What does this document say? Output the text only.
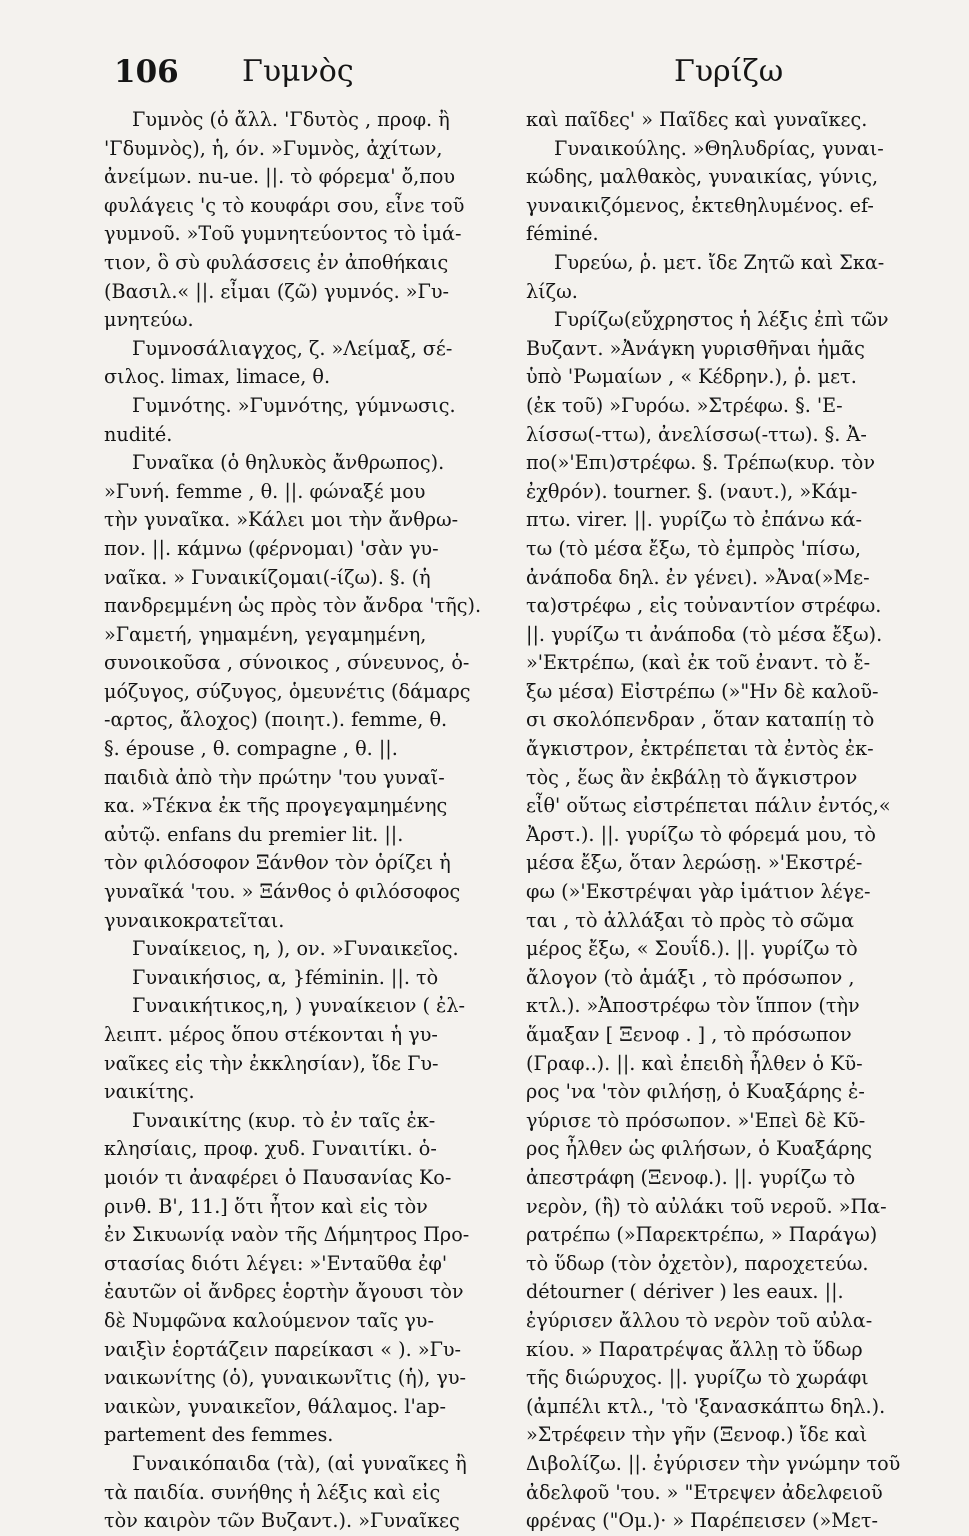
106 Γυμνὸς	Γυρίζω
Γυμνὸς (ὁ ἄλλ. 'Γδυτὸς , προφ. ἢ
'Γδυμνὸς), ἡ, όν. »Γυμνὸς, ἀχίτων,
ἀνείμων. nu-ue. ||. τὸ φόρεμα' ὄ,που
φυλάγεις 'ς τὸ κουφάρι σου, εἶνε τοῦ
γυμνοῦ. »Τοῦ γυμνητεύοντος τὸ ἱμά-
τιον, ὃ σὺ φυλάσσεις ἐν ἀποθήκαις
(Βασιλ.« ||. εἶμαι (ζῶ) γυμνός. »Γυ-
μνητεύω.
Γυμνοσάλιαγχος, ζ. »Λείμαξ, σέ-
σιλος. limax, limace, θ.
Γυμνότης. »Γυμνότης, γύμνωσις.
nudité.
Γυναῖκα (ὁ θηλυκὸς ἄνθρωπος).
»Γυνή. femme , θ. ||. φώναξέ μου
τὴν γυναῖκα. »Κάλει μοι τὴν ἄνθρω-
πον. ||. κάμνω (φέρνομαι) 'σὰν γυ-
ναῖκα. » Γυναικίζομαι(-ίζω). §. (ἡ
πανδρεμμένη ὡς πρὸς τὸν ἄνδρα 'τῆς).
»Γαμετή, γημαμένη, γεγαμημένη,
συνοικοῦσα , σύνοικος , σύνευνος, ὁ-
μόζυγος, σύζυγος, ὁμευνέτις (δάμαρς
-αρτος, ἄλοχος) (ποιητ.). femme, θ.
§. épouse , θ. compagne , θ. ||.
παιδιὰ ἀπὸ τὴν πρώτην 'του γυναῖ-
κα. »Τέκνα ἐκ τῆς προγεγαμημένης
αὐτῷ. enfans du premier lit. ||.
τὸν φιλόσοφον Ξάνθον τὸν ὁρίζει ἡ
γυναῖκά 'του. » Ξάνθος ὁ φιλόσοφος
γυναικοκρατεῖται.
Γυναίκειος, η, ), ον. »Γυναικεῖος.
Γυναικήσιος, α, }féminin. ||. τὸ
Γυναικήτικος,η, ) γυναίκειον ( ἐλ-
λειπτ. μέρος ὅπου στέκονται ἡ γυ-
ναῖκες εἰς τὴν ἐκκλησίαν), ἴδε Γυ-
ναικίτης.
Γυναικίτης (κυρ. τὸ ἐν ταῖς ἐκ-
κλησίαις, προφ. χυδ. Γυναιτίκι. ὁ-
μοιόν τι ἀναφέρει ὁ Παυσανίας Κο-
ρινθ. Β', 11.] ὅτι ἦτον καὶ εἰς τὸν
ἐν Σικυωνίᾳ ναὸν τῆς Δήμητρος Προ-
στασίας διότι λέγει: »'Ενταῦθα ἐφ'
ἑαυτῶν οἱ ἄνδρες ἑορτὴν ἄγουσι τὸν
δὲ Νυμφῶνα καλούμενον ταῖς γυ-
ναιξὶν ἑορτάζειν παρείκασι « ). »Γυ-
ναικωνίτης (ὁ), γυναικωνῖτις (ἡ), γυ-
ναικὼν, γυναικεῖον, θάλαμος. l'ap-
partement des femmes.
Γυναικόπαιδα (τὰ), (αἱ γυναῖκες ἢ
τὰ παιδία. συνήθης ἡ λέξις καὶ εἰς
τὸν καιρὸν τῶν Βυζαντ.). »Γυναῖκες
καὶ παῖδες' » Παῖδες καὶ γυναῖκες.
Γυναικούλης. »Θηλυδρίας, γυναι-
κώδης, μαλθακὸς, γυναικίας, γύνις,
γυναικιζόμενος, ἐκτεθηλυμένος. ef-
féminé.
Γυρεύω, ῥ. μετ. ἴδε Ζητῶ καὶ Σκα-
λίζω.
Γυρίζω(εὔχρηστος ἡ λέξις ἐπὶ τῶν
Βυζαντ. »Ἀνάγκη γυρισθῆναι ἡμᾶς
ὑπὸ 'Ρωμαίων , « Κέδρην.), ῥ. μετ.
(ἐκ τοῦ) »Γυρόω. »Στρέφω. §. 'Ε-
λίσσω(-ττω), ἀνελίσσω(-ττω). §. Ἀ-
πο(»'Επι)στρέφω. §. Τρέπω(κυρ. τὸν
ἐχθρόν). tourner. §. (ναυτ.), »Κάμ-
πτω. virer. ||. γυρίζω τὸ ἐπάνω κά-
τω (τὸ μέσα ἔξω, τὸ ἐμπρὸς 'πίσω,
ἀνάποδα δηλ. ἐν γένει). »Ἀνα(»Με-
τα)στρέφω , εἰς τοὐναντίον στρέφω.
||. γυρίζω τι ἀνάποδα (τὸ μέσα ἔξω).
»'Εκτρέπω, (καὶ ἐκ τοῦ ἐναντ. τὸ ἔ-
ξω μέσα) Εἰστρέπω (»"Ην δὲ καλοῦ-
σι σκολόπενδραν , ὅταν καταπίῃ τὸ
ἄγκιστρον, ἐκτρέπεται τὰ ἐντὸς ἐκ-
τὸς , ἕως ἂν ἐκβάλῃ τὸ ἄγκιστρον
εἶθ' οὕτως εἰστρέπεται πάλιν ἐντός,«
Ἀρστ.). ||. γυρίζω τὸ φόρεμά μου, τὸ
μέσα ἔξω, ὅταν λερώσῃ. »'Εκστρέ-
φω (»'Εκστρέψαι γὰρ ἱμάτιον λέγε-
ται , τὸ ἀλλάξαι τὸ πρὸς τὸ σῶμα
μέρος ἔξω, « Σουΐδ.). ||. γυρίζω τὸ
ἄλογον (τὸ ἁμάξι , τὸ πρόσωπον ,
κτλ.). »Ἀποστρέφω τὸν ἵππον (τὴν
ἅμαξαν [ Ξενοφ . ] , τὸ πρόσωπον
(Γραφ..). ||. καὶ ἐπειδὴ ἦλθεν ὁ Κῦ-
ρος 'να 'τὸν φιλήσῃ, ὁ Κυαξάρης ἐ-
γύρισε τὸ πρόσωπον. »'Επεὶ δὲ Κῦ-
ρος ἦλθεν ὡς φιλήσων, ὁ Κυαξάρης
ἀπεστράφη (Ξενοφ.). ||. γυρίζω τὸ
νερὸν, (ἢ) τὸ αὐλάκι τοῦ νεροῦ. »Πα-
ρατρέπω (»Παρεκτρέπω, » Παράγω)
τὸ ὕδωρ (τὸν ὀχετὸν), παροχετεύω.
détourner ( dériver ) les eaux. ||.
ἐγύρισεν ἄλλου τὸ νερὸν τοῦ αὐλα-
κίου. » Παρατρέψας ἄλλῃ τὸ ὕδωρ
τῆς διώρυχος. ||. γυρίζω τὸ χωράφι
(ἀμπέλι κτλ., 'τὸ 'ξανασκάπτω δηλ.).
»Στρέφειν τὴν γῆν (Ξενοφ.) ἴδε καὶ
Διβολίζω. ||. ἐγύρισεν τὴν γνώμην τοῦ
ἀδελφοῦ 'του. » "Ετρεψεν ἀδελφειοῦ
φρένας ("Ομ.)· » Παρέπεισεν (»Μετ-
